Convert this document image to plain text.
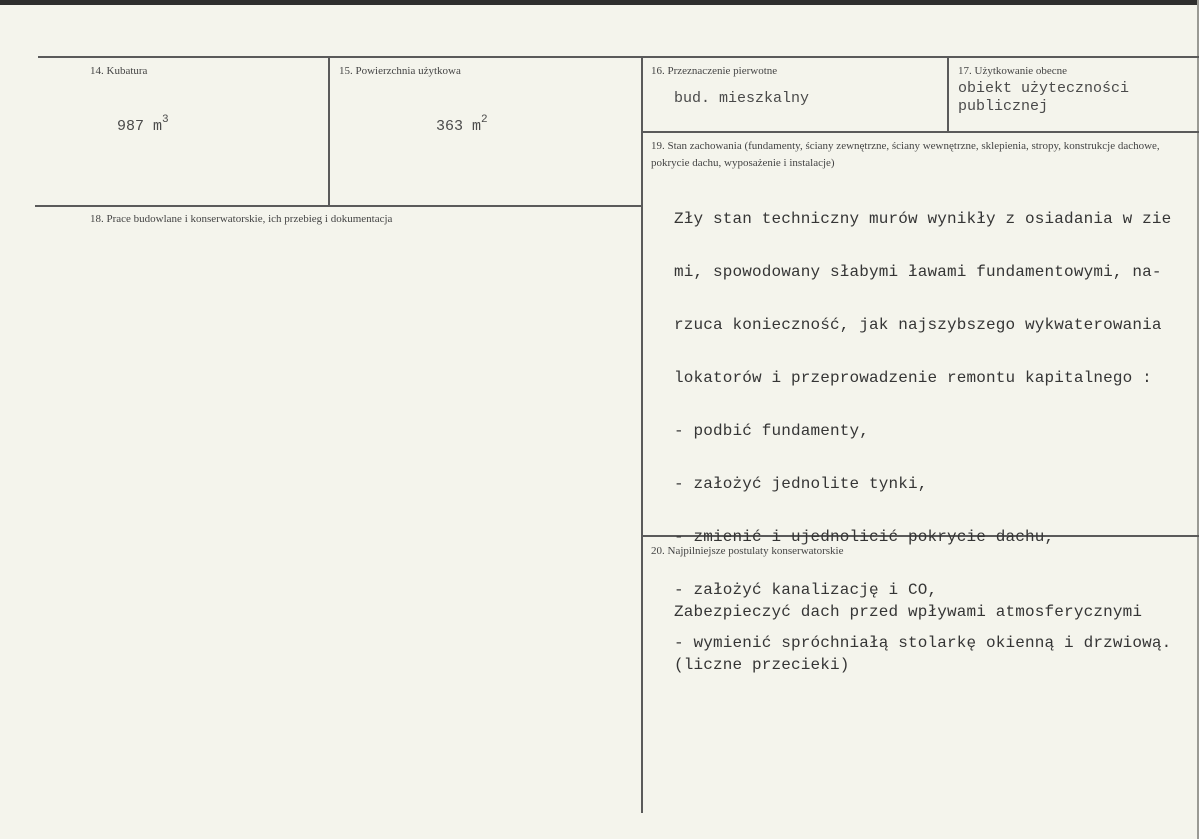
14. Kubatura
987 $m^3$
15. Powierzchnia użytkowa
363 $m^2$
16. Przeznaczenie pierwotne
bud. mieszkalny
17. Użytkowanie obecne
obiekt użyteczności
publicznej
18. Prace budowlane i konserwatorskie, ich przebieg i dokumentacja
19. Stan zachowania (fundamenty, ściany zewnętrzne, ściany wewnętrzne, sklepienia, stropy, konstrukcje dachowe, pokrycie dachu, wyposażenie i instalacje)

Zły stan techniczny murów wynikły z osiadania w zie

mi, spowodowany słabymi ławami fundamentowymi, na-

rzuca konieczność, jak najszybszego wykwaterowania

lokatorów i przeprowadzenie remontu kapitalnego :

- podbić fundamenty,

- założyć jednolite tynki,

- zmienić i ujednolicić pokrycie dachu,

- założyć kanalizację i CO,

- wymienić spróchniałą stolarkę okienną i drzwiową.

20. Najpilniejsze postulaty konserwatorskie

Zabezpieczyć dach przed wpływami atmosferycznymi

(liczne przecieki)
